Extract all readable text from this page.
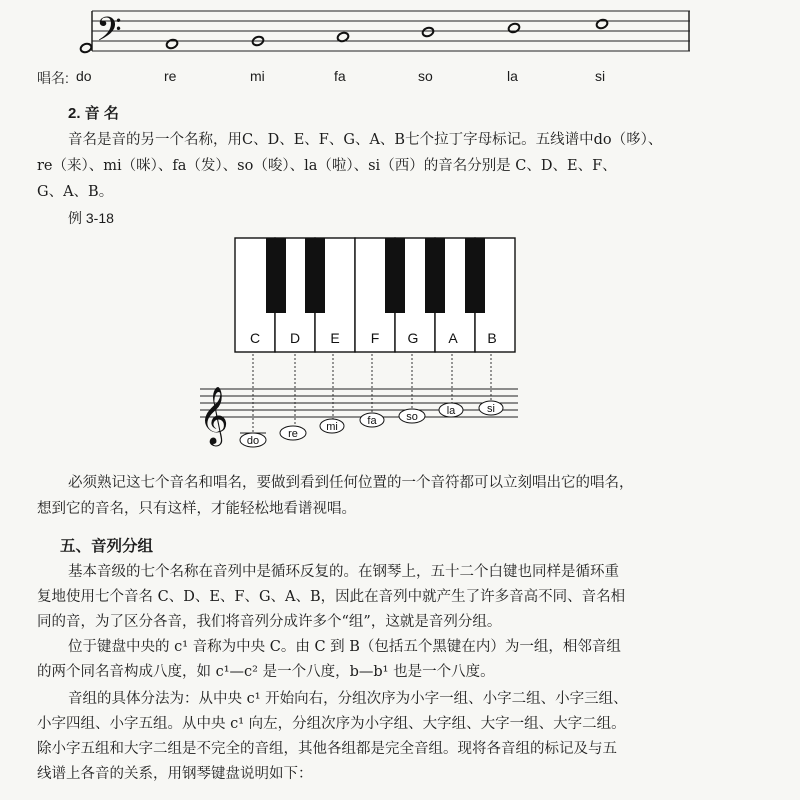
𝄢
唱名: do	re	mi	fa	so	la	si
2. 音 名
音名是音的另一个名称，用C、D、E、F、G、A、B七个拉丁字母标记。五线谱中do（哆）、
re（来）、mi（咪）、fa（发）、so（唆）、la（啦）、si（西）的音名分别是 C、D、E、F、
G、A、B。
例 3-18
C D E F G A B
𝄞 do
re
mi	fa	so	la	si
必须熟记这七个音名和唱名，要做到看到任何位置的一个音符都可以立刻唱出它的唱名，
想到它的音名，只有这样，才能轻松地看谱视唱。
五、音列分组
基本音级的七个名称在音列中是循环反复的。在钢琴上，五十二个白键也同样是循环重
复地使用七个音名 C、D、E、F、G、A、B，因此在音列中就产生了许多音高不同、音名相
同的音，为了区分各音，我们将音列分成许多个“组”，这就是音列分组。
位于键盘中央的 c¹ 音称为中央 C。由 C 到 B（包括五个黑键在内）为一组，相邻音组
的两个同名音构成八度，如 c¹—c² 是一个八度，b—b¹ 也是一个八度。
音组的具体分法为：从中央 c¹ 开始向右，分组次序为小字一组、小字二组、小字三组、
小字四组、小字五组。从中央 c¹ 向左，分组次序为小字组、大字组、大字一组、大字二组。
除小字五组和大字二组是不完全的音组，其他各组都是完全音组。现将各音组的标记及与五
线谱上各音的关系，用钢琴键盘说明如下：
